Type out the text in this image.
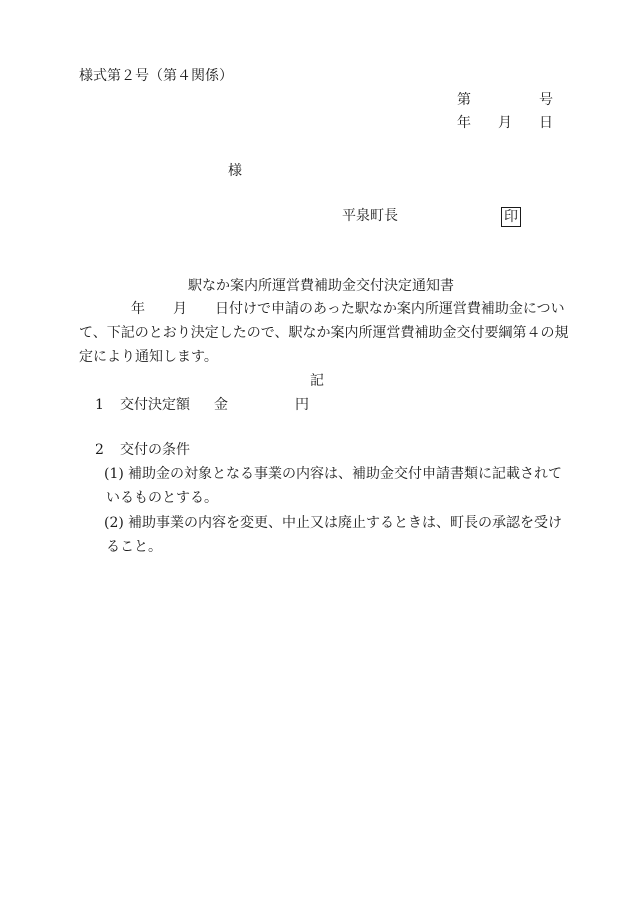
様式第２号（第４関係）
第	号
年 月 日
様
平泉町長	印
駅なか案内所運営費補助金交付決定通知書
年 月 日付けで申請のあった駅なか案内所運営費補助金につい
て、下記のとおり決定したので、駅なか案内所運営費補助金交付要綱第４の規
定により通知します。
記
1 交付決定額 金	円
2 交付の条件
(1) 補助金の対象となる事業の内容は、補助金交付申請書類に記載されて
いるものとする。
(2) 補助事業の内容を変更、中止又は廃止するときは、町長の承認を受け
ること。
